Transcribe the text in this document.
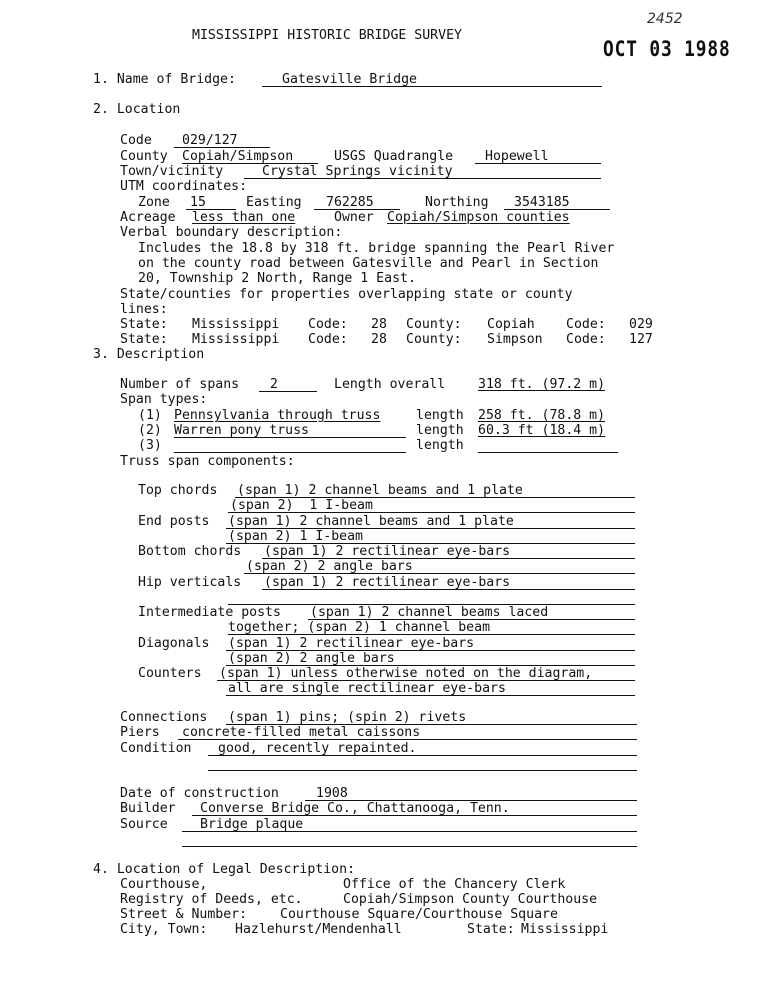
MISSISSIPPI HISTORIC BRIDGE SURVEY
2452
OCT 03 1988
1. Name of Bridge:	Gatesville Bridge
2. Location
Code 029/127
County Copiah/Simpson	USGS Quadrangle Hopewell
Town/vicinity	Crystal Springs vicinity
UTM coordinates:
Zone 15	Easting 762285	Northing 3543185
Acreage less than one	Owner Copiah/Simpson counties
Verbal boundary description:
Includes the 18.8 by 318 ft. bridge spanning the Pearl River
on the county road between Gatesville and Pearl in Section
20, Township 2 North, Range 1 East.
State/counties for properties overlapping state or county
lines:
State: Mississippi Code: 28 County: Copiah Code: 029
State: Mississippi Code: 28 County: Simpson Code: 127
3. Description
Number of spans 2	Length overall 318 ft. (97.2 m)
Span types:
(1) Pennsylvania through truss	length 258 ft. (78.8 m)
(2) Warren pony truss	length 60.3 ft (18.4 m)
(3)	length
Truss span components:
Top chords (span 1) 2 channel beams and 1 plate
(span 2)  1 I-beam
End posts (span 1) 2 channel beams and 1 plate
(span 2) 1 I-beam
Bottom chords (span 1) 2 rectilinear eye-bars
(span 2) 2 angle bars
Hip verticals (span 1) 2 rectilinear eye-bars
Intermediate posts (span 1) 2 channel beams laced
together; (span 2) 1 channel beam
Diagonals (span 1) 2 rectilinear eye-bars
(span 2) 2 angle bars
Counters (span 1) unless otherwise noted on the diagram,
all are single rectilinear eye-bars
Connections (span 1) pins; (spin 2) rivets
Piers concrete-filled metal caissons
Condition good, recently repainted.
Date of construction	1908
Builder Converse Bridge Co., Chattanooga, Tenn.
Source Bridge plaque
4. Location of Legal Description:
Courthouse,	Office of the Chancery Clerk
Registry of Deeds, etc.	Copiah/Simpson County Courthouse
Street & Number: Courthouse Square/Courthouse Square
City, Town: Hazlehurst/Mendenhall	State: Mississippi
